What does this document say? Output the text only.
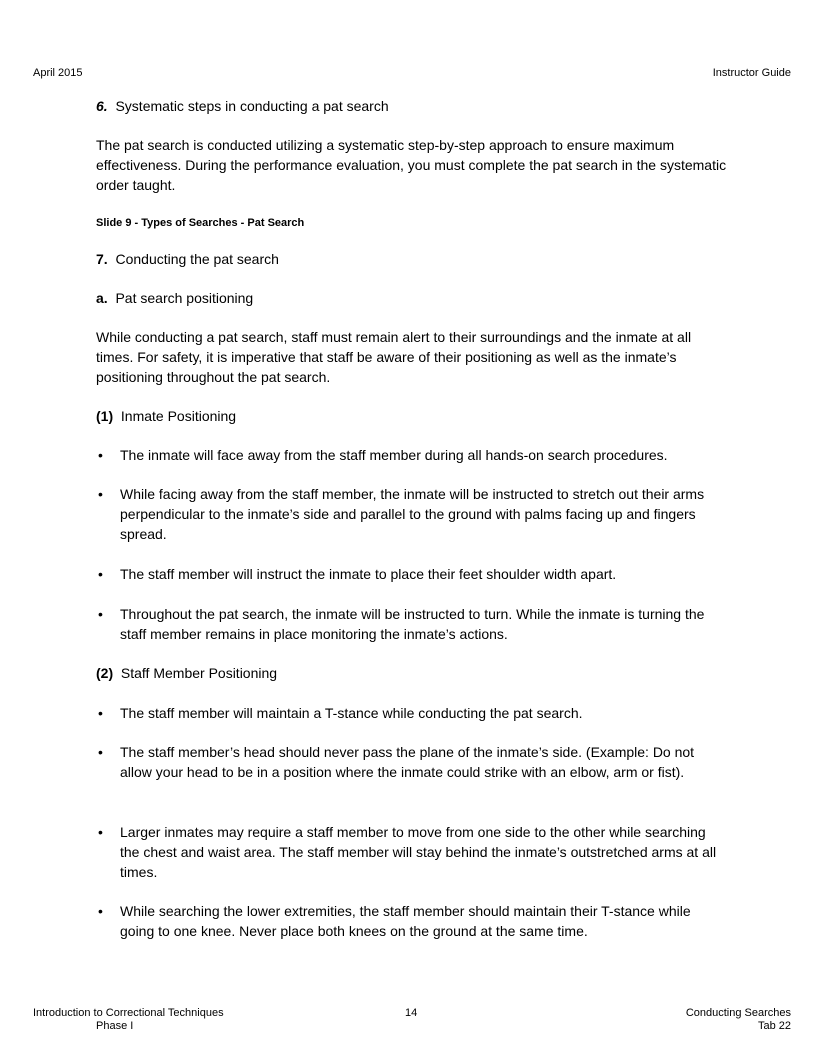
April 2015	Instructor Guide

6. Systematic steps in conducting a pat search

The pat search is conducted utilizing a systematic step-by-step approach to ensure maximum effectiveness. During the performance evaluation, you must complete the pat search in the systematic order taught.

Slide 9 - Types of Searches - Pat Search

7. Conducting the pat search

a. Pat search positioning

While conducting a pat search, staff must remain alert to their surroundings and the inmate at all times. For safety, it is imperative that staff be aware of their positioning as well as the inmate’s positioning throughout the pat search.

(1) Inmate Positioning

• The inmate will face away from the staff member during all hands-on search procedures.
• While facing away from the staff member, the inmate will be instructed to stretch out their arms perpendicular to the inmate’s side and parallel to the ground with palms facing up and fingers spread.
• The staff member will instruct the inmate to place their feet shoulder width apart.
• Throughout the pat search, the inmate will be instructed to turn. While the inmate is turning the staff member remains in place monitoring the inmate’s actions.

(2) Staff Member Positioning

• The staff member will maintain a T-stance while conducting the pat search.
• The staff member’s head should never pass the plane of the inmate’s side. (Example: Do not allow your head to be in a position where the inmate could strike with an elbow, arm or fist).
• Larger inmates may require a staff member to move from one side to the other while searching the chest and waist area. The staff member will stay behind the inmate’s outstretched arms at all times.
• While searching the lower extremities, the staff member should maintain their T-stance while going to one knee. Never place both knees on the ground at the same time.
Introduction to Correctional Techniques
Phase I
14	Conducting Searches
Tab 22
